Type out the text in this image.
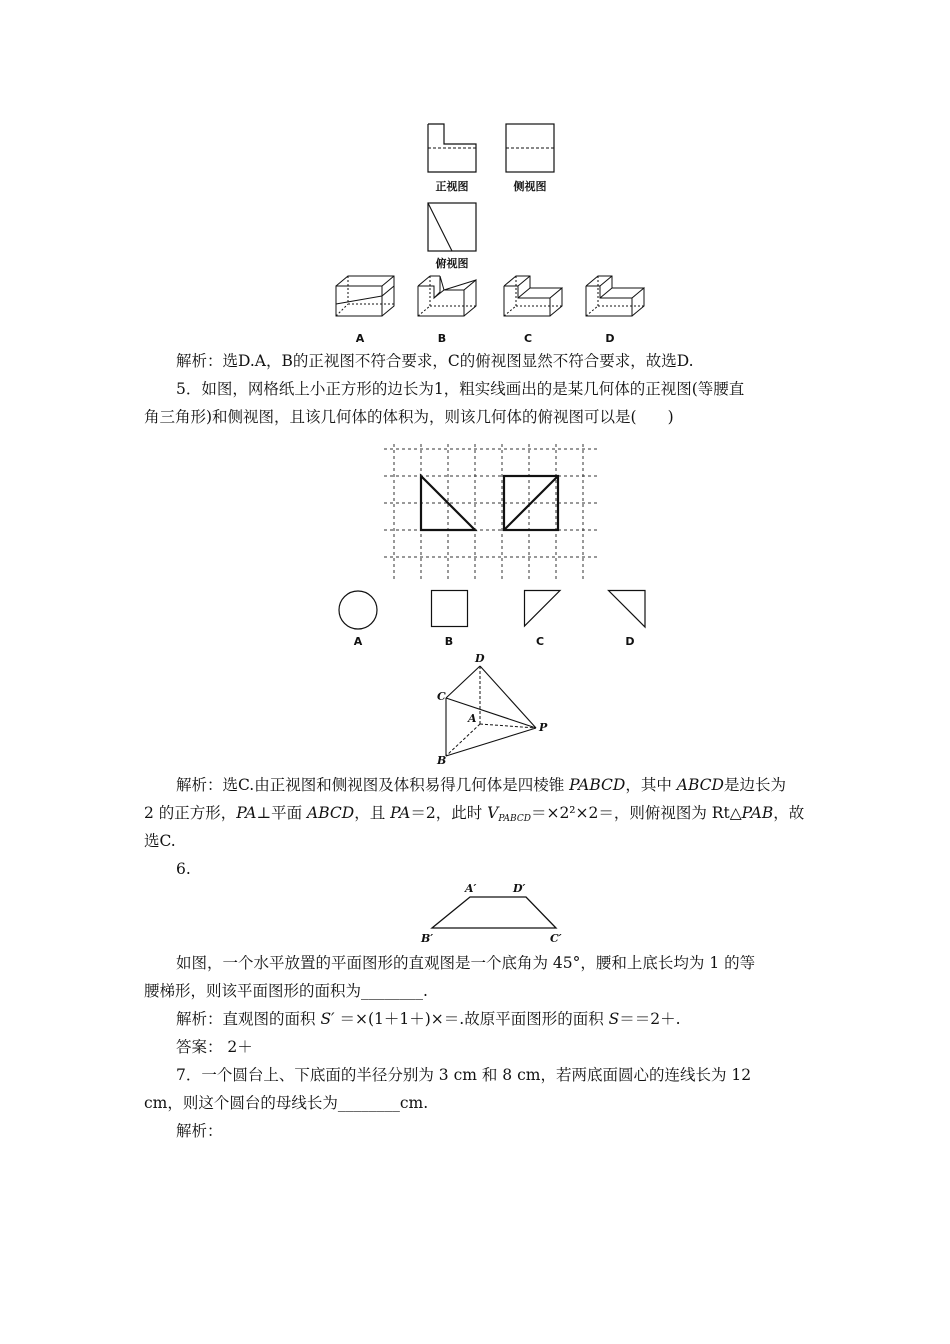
正视图	侧视图
俯视图
A	B	C	D
解析：选D.A，B的正视图不符合要求，C的俯视图显然不符合要求，故选D.
5．如图，网格纸上小正方形的边长为1，粗实线画出的是某几何体的正视图(等腰直
角三角形)和侧视图，且该几何体的体积为，则该几何体的俯视图可以是(　　)
A	B	C	D
D
C
A
P
B
解析：选C.由正视图和侧视图及体积易得几何体是四棱锥 PABCD，其中 ABCD是边长为
2 的正方形，PA⊥平面 ABCD，且 PA＝2，此时 $V_{PABCD}=\times 2^2\times 2=$，则俯视图为 Rt△PAB，故
选C.
6.
A′	D′
B′	C′
如图，一个水平放置的平面图形的直观图是一个底角为 45°，腰和上底长均为 1 的等
腰梯形，则该平面图形的面积为________.
解析：直观图的面积 S′ ＝×(1＋1＋)×＝.故原平面图形的面积 S＝＝2＋.
答案： 2＋
7．一个圆台上、下底面的半径分别为 3 cm 和 8 cm，若两底面圆心的连线长为 12
cm，则这个圆台的母线长为________cm.
解析：
